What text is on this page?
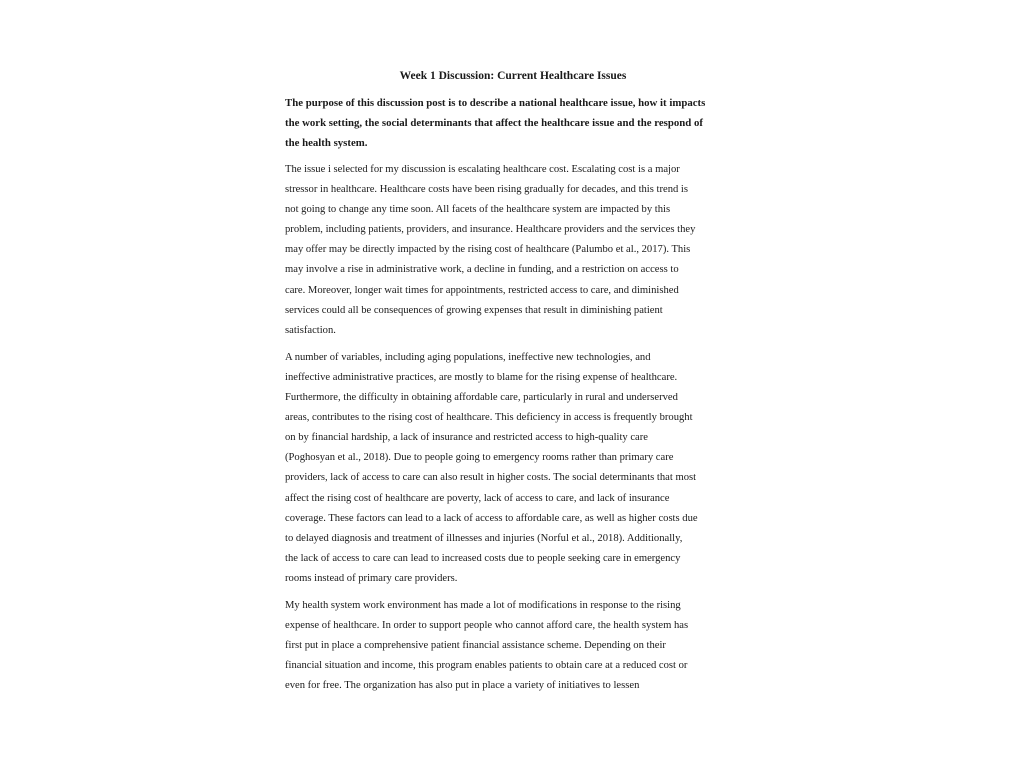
Week 1 Discussion: Current Healthcare Issues
The purpose of this discussion post is to describe a national healthcare issue, how it impacts
the work setting, the social determinants that affect the healthcare issue and the respond of
the health system.
The issue i selected for my discussion is escalating healthcare cost. Escalating cost is a major
stressor in healthcare. Healthcare costs have been rising gradually for decades, and this trend is
not going to change any time soon. All facets of the healthcare system are impacted by this
problem, including patients, providers, and insurance. Healthcare providers and the services they
may offer may be directly impacted by the rising cost of healthcare (Palumbo et al., 2017). This
may involve a rise in administrative work, a decline in funding, and a restriction on access to
care. Moreover, longer wait times for appointments, restricted access to care, and diminished
services could all be consequences of growing expenses that result in diminishing patient
satisfaction.
A number of variables, including aging populations, ineffective new technologies, and
ineffective administrative practices, are mostly to blame for the rising expense of healthcare.
Furthermore, the difficulty in obtaining affordable care, particularly in rural and underserved
areas, contributes to the rising cost of healthcare. This deficiency in access is frequently brought
on by financial hardship, a lack of insurance and restricted access to high-quality care
(Poghosyan et al., 2018). Due to people going to emergency rooms rather than primary care
providers, lack of access to care can also result in higher costs. The social determinants that most
affect the rising cost of healthcare are poverty, lack of access to care, and lack of insurance
coverage. These factors can lead to a lack of access to affordable care, as well as higher costs due
to delayed diagnosis and treatment of illnesses and injuries (Norful et al., 2018). Additionally,
the lack of access to care can lead to increased costs due to people seeking care in emergency
rooms instead of primary care providers.
My health system work environment has made a lot of modifications in response to the rising
expense of healthcare. In order to support people who cannot afford care, the health system has
first put in place a comprehensive patient financial assistance scheme. Depending on their
financial situation and income, this program enables patients to obtain care at a reduced cost or
even for free. The organization has also put in place a variety of initiatives to lessen
